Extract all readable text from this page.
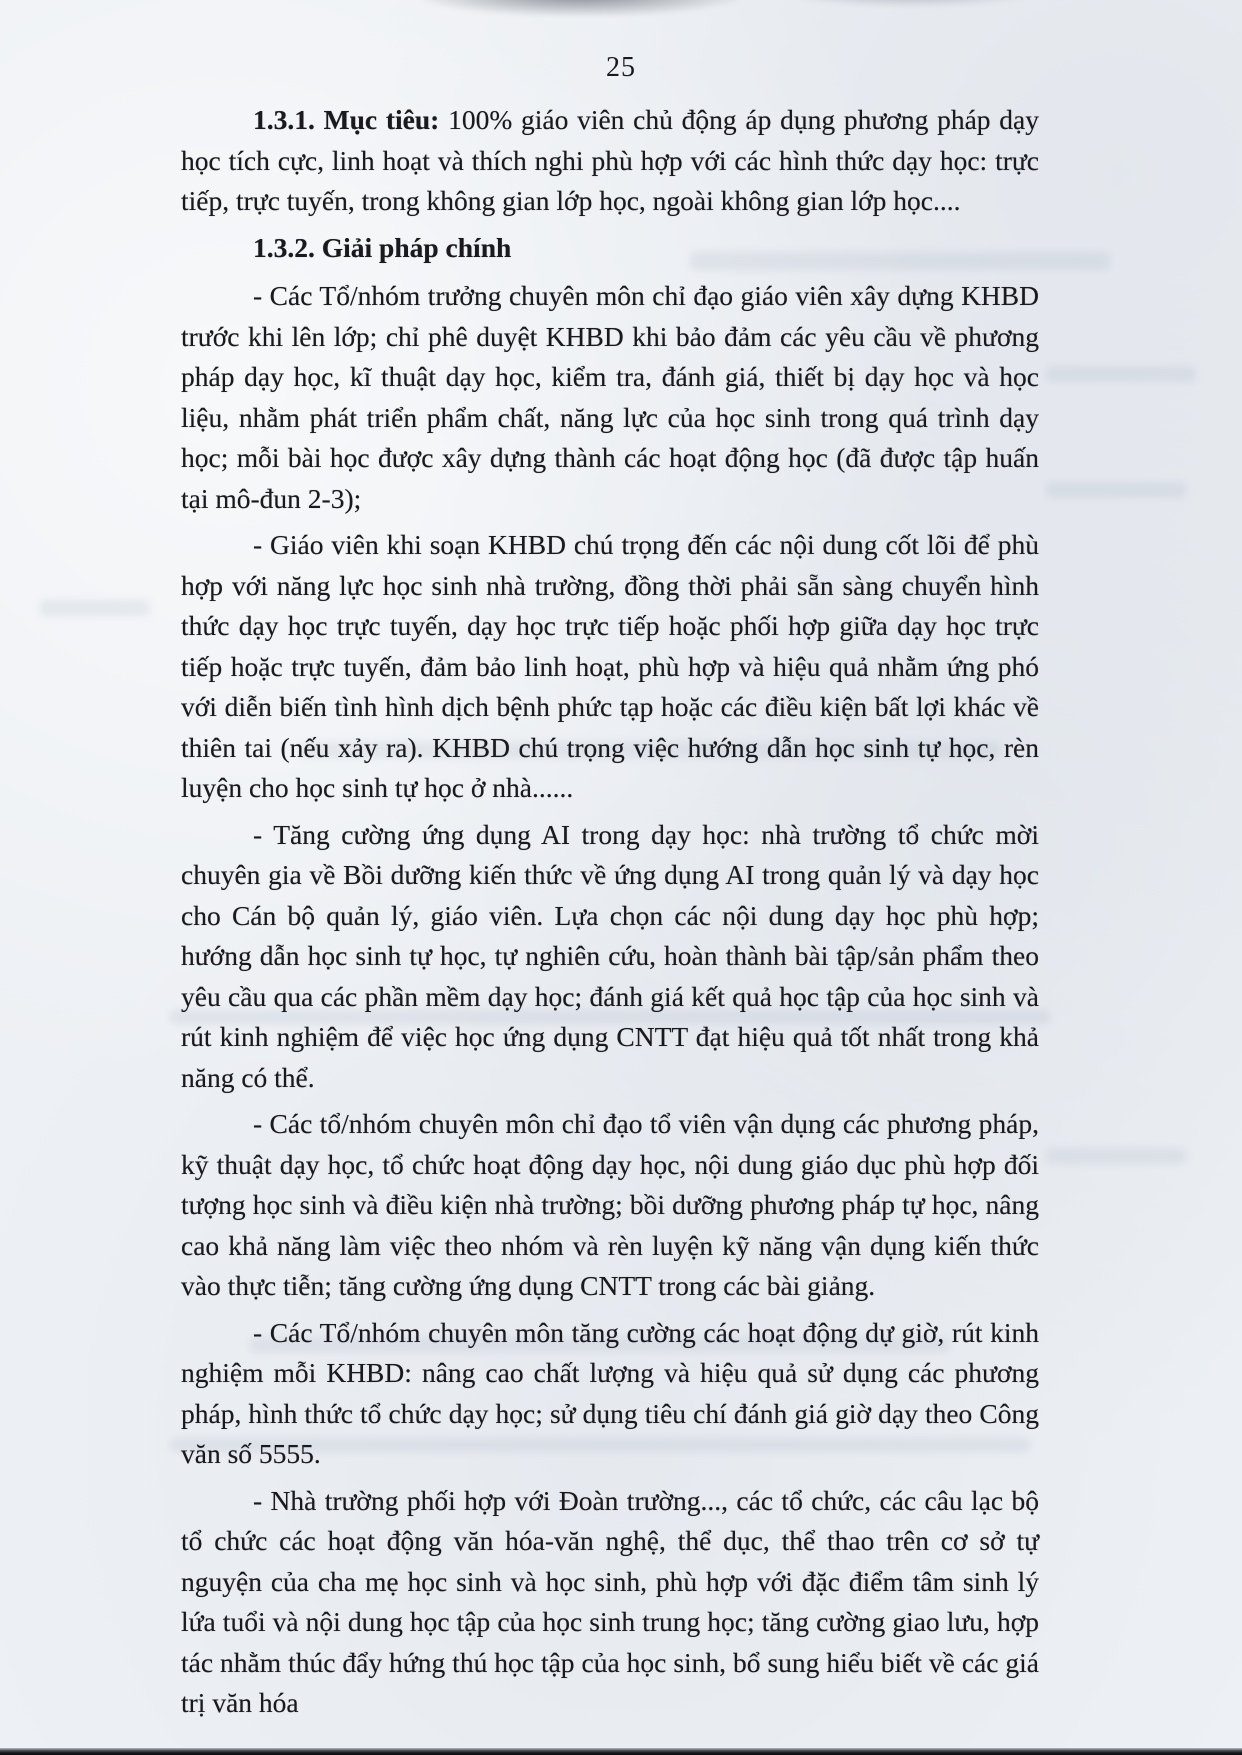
25

1.3.1. Mục tiêu: 100% giáo viên chủ động áp dụng phương pháp dạy học tích cực, linh hoạt và thích nghi phù hợp với các hình thức dạy học: trực tiếp, trực tuyến, trong không gian lớp học, ngoài không gian lớp học....

1.3.2. Giải pháp chính

- Các Tổ/nhóm trưởng chuyên môn chỉ đạo giáo viên xây dựng KHBD trước khi lên lớp; chỉ phê duyệt KHBD khi bảo đảm các yêu cầu về phương pháp dạy học, kĩ thuật dạy học, kiểm tra, đánh giá, thiết bị dạy học và học liệu, nhằm phát triển phẩm chất, năng lực của học sinh trong quá trình dạy học; mỗi bài học được xây dựng thành các hoạt động học (đã được tập huấn tại mô-đun 2-3);

- Giáo viên khi soạn KHBD chú trọng đến các nội dung cốt lõi để phù hợp với năng lực học sinh nhà trường, đồng thời phải sẵn sàng chuyển hình thức dạy học trực tuyến, dạy học trực tiếp hoặc phối hợp giữa dạy học trực tiếp hoặc trực tuyến, đảm bảo linh hoạt, phù hợp và hiệu quả nhằm ứng phó với diễn biến tình hình dịch bệnh phức tạp hoặc các điều kiện bất lợi khác về thiên tai (nếu xảy ra). KHBD chú trọng việc hướng dẫn học sinh tự học, rèn luyện cho học sinh tự học ở nhà......

- Tăng cường ứng dụng AI trong dạy học: nhà trường tổ chức mời chuyên gia về Bồi dưỡng kiến thức về ứng dụng AI trong quản lý và dạy học cho Cán bộ quản lý, giáo viên. Lựa chọn các nội dung dạy học phù hợp; hướng dẫn học sinh tự học, tự nghiên cứu, hoàn thành bài tập/sản phẩm theo yêu cầu qua các phần mềm dạy học; đánh giá kết quả học tập của học sinh và rút kinh nghiệm để việc học ứng dụng CNTT đạt hiệu quả tốt nhất trong khả năng có thể.

- Các tổ/nhóm chuyên môn chỉ đạo tổ viên vận dụng các phương pháp, kỹ thuật dạy học, tổ chức hoạt động dạy học, nội dung giáo dục phù hợp đối tượng học sinh và điều kiện nhà trường; bồi dưỡng phương pháp tự học, nâng cao khả năng làm việc theo nhóm và rèn luyện kỹ năng vận dụng kiến thức vào thực tiễn; tăng cường ứng dụng CNTT trong các bài giảng.

- Các Tổ/nhóm chuyên môn tăng cường các hoạt động dự giờ, rút kinh nghiệm mỗi KHBD: nâng cao chất lượng và hiệu quả sử dụng các phương pháp, hình thức tổ chức dạy học; sử dụng tiêu chí đánh giá giờ dạy theo Công văn số 5555.

- Nhà trường phối hợp với Đoàn trường..., các tổ chức, các câu lạc bộ tổ chức các hoạt động văn hóa-văn nghệ, thể dục, thể thao trên cơ sở tự nguyện của cha mẹ học sinh và học sinh, phù hợp với đặc điểm tâm sinh lý lứa tuổi và nội dung học tập của học sinh trung học; tăng cường giao lưu, hợp tác nhằm thúc đẩy hứng thú học tập của học sinh, bổ sung hiểu biết về các giá trị văn hóa
